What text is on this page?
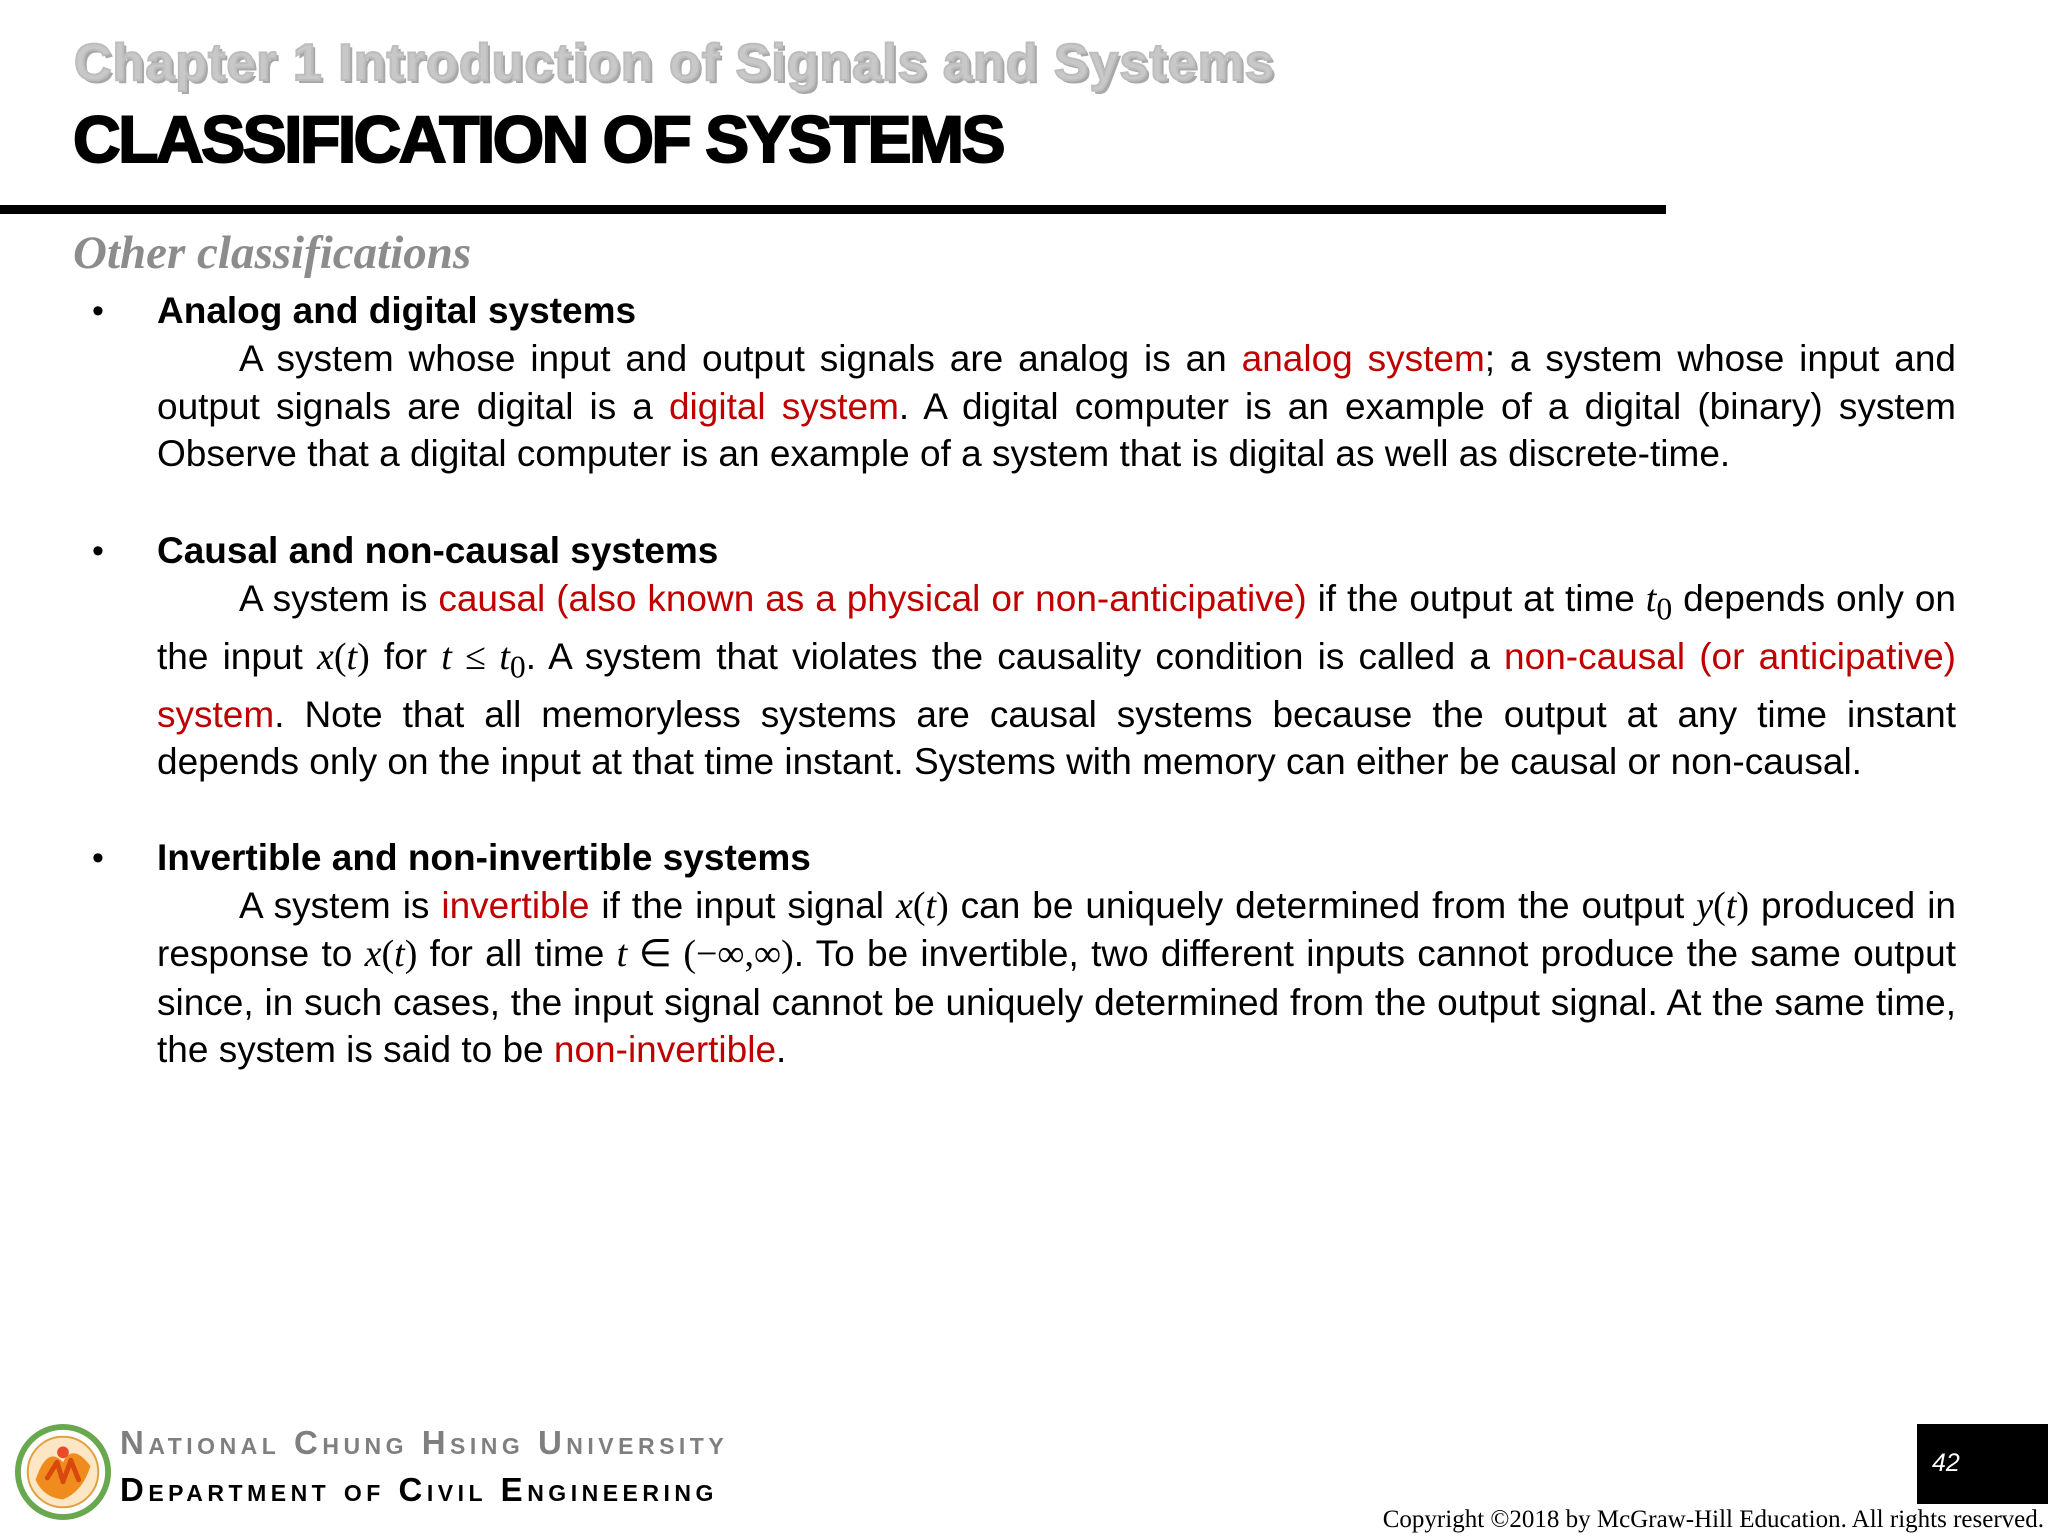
Chapter 1 Introduction of Signals and Systems
CLASSIFICATION OF SYSTEMS
Other classifications
• Analog and digital systems

A system whose input and output signals are analog is an analog system; a system whose input and output signals are digital is a digital system. A digital computer is an example of a digital (binary) system Observe that a digital computer is an example of a system that is digital as well as discrete-time.

• Causal and non-causal systems

A system is causal (also known as a physical or non-anticipative) if the output at time $t_0$ depends only on the input x(t) for $t \le t_0$. A system that violates the causality condition is called a non-causal (or anticipative) system. Note that all memoryless systems are causal systems because the output at any time instant depends only on the input at that time instant. Systems with memory can either be causal or non-causal.

• Invertible and non-invertible systems

A system is invertible if the input signal x(t) can be uniquely determined from the output y(t) produced in response to x(t) for all time t ∈ (−∞,∞). To be invertible, two different inputs cannot produce the same output since, in such cases, the input signal cannot be uniquely determined from the output signal. At the same time, the system is said to be non-invertible.

National Chung Hsing University
Department of Civil Engineering
42
Copyright ©2018 by McGraw-Hill Education. All rights reserved.
